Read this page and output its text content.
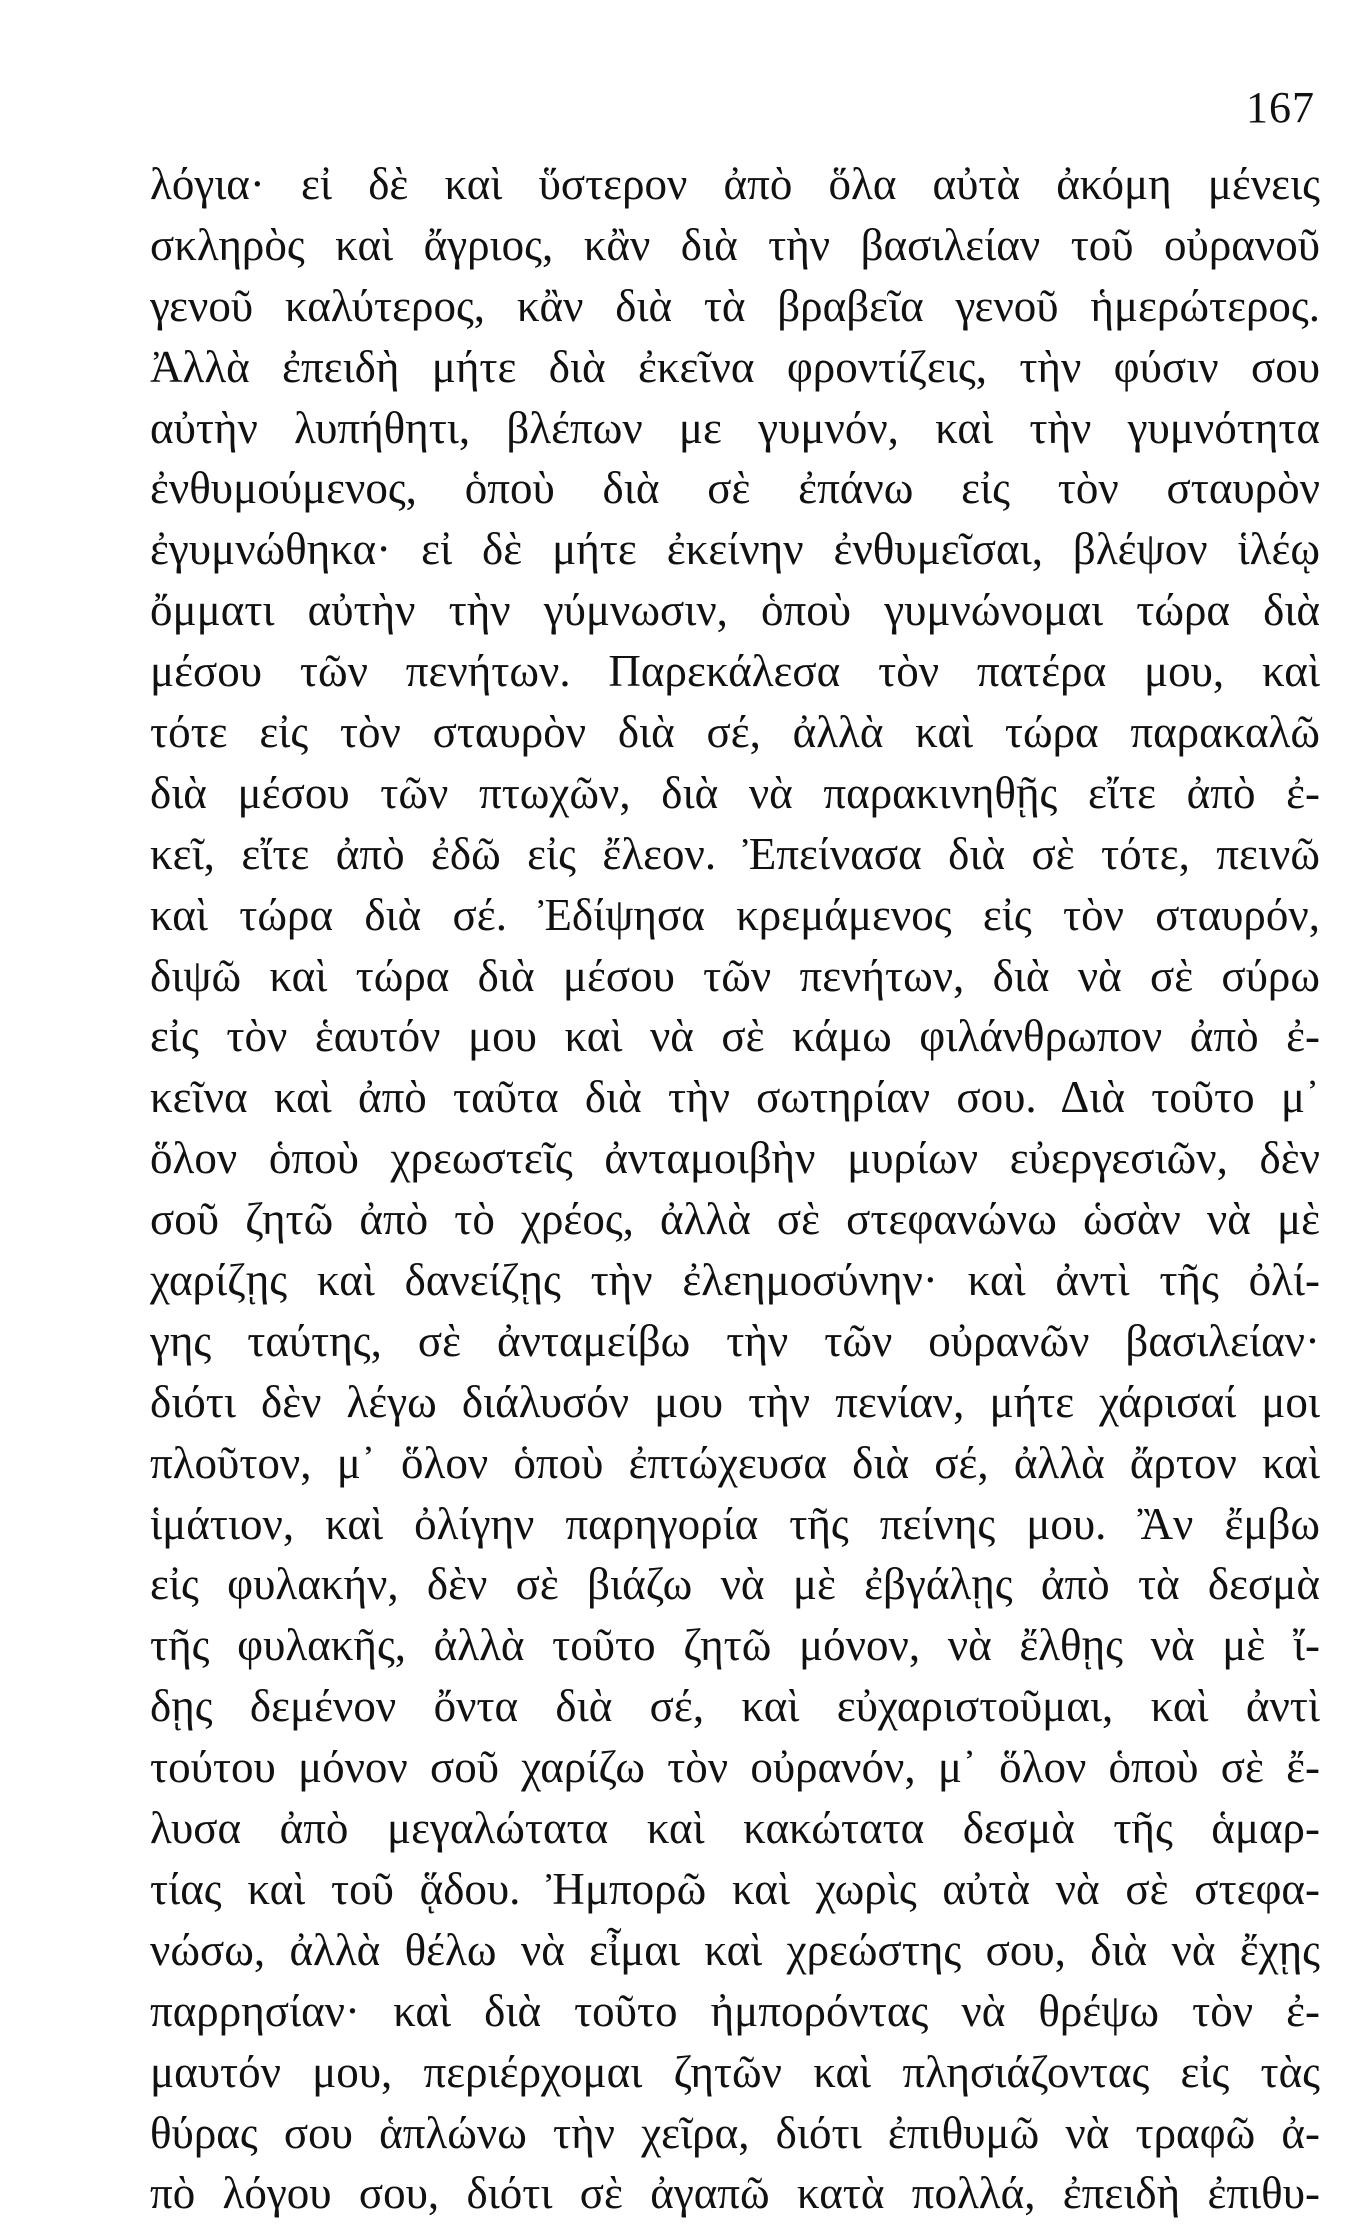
167
λόγια· εἰ δὲ καὶ ὕστερον ἀπὸ ὅλα αὐτὰ ἀκόμη μένεις
σκληρὸς καὶ ἄγριος, κἂν διὰ τὴν βασιλείαν τοῦ οὐρανοῦ
γενοῦ καλύτερος, κἂν διὰ τὰ βραβεῖα γενοῦ ἡμερώτερος.
Ἀλλὰ ἐπειδὴ μήτε διὰ ἐκεῖνα φροντίζεις, τὴν φύσιν σου
αὐτὴν λυπήθητι, βλέπων με γυμνόν, καὶ τὴν γυμνότητα
ἐνθυμούμενος, ὁποὺ διὰ σὲ ἐπάνω εἰς τὸν σταυρὸν
ἐγυμνώθηκα· εἰ δὲ μήτε ἐκείνην ἐνθυμεῖσαι, βλέψον ἱλέῳ
ὄμματι αὐτὴν τὴν γύμνωσιν, ὁποὺ γυμνώνομαι τώρα διὰ
μέσου τῶν πενήτων. Παρεκάλεσα τὸν πατέρα μου, καὶ
τότε εἰς τὸν σταυρὸν διὰ σέ, ἀλλὰ καὶ τώρα παρακαλῶ
διὰ μέσου τῶν πτωχῶν, διὰ νὰ παρακινηθῇς εἴτε ἀπὸ ἐ-
κεῖ, εἴτε ἀπὸ ἐδῶ εἰς ἔλεον. Ἐπείνασα διὰ σὲ τότε, πεινῶ
καὶ τώρα διὰ σέ. Ἐδίψησα κρεμάμενος εἰς τὸν σταυρόν,
διψῶ καὶ τώρα διὰ μέσου τῶν πενήτων, διὰ νὰ σὲ σύρω
εἰς τὸν ἑαυτόν μου καὶ νὰ σὲ κάμω φιλάνθρωπον ἀπὸ ἐ-
κεῖνα καὶ ἀπὸ ταῦτα διὰ τὴν σωτηρίαν σου. Διὰ τοῦτο μ᾽
ὅλον ὁποὺ χρεωστεῖς ἀνταμοιβὴν μυρίων εὐεργεσιῶν, δὲν
σοῦ ζητῶ ἀπὸ τὸ χρέος, ἀλλὰ σὲ στεφανώνω ὡσὰν νὰ μὲ
χαρίζῃς καὶ δανείζῃς τὴν ἐλεημοσύνην· καὶ ἀντὶ τῆς ὀλί-
γης ταύτης, σὲ ἀνταμείβω τὴν τῶν οὐρανῶν βασιλείαν·
διότι δὲν λέγω διάλυσόν μου τὴν πενίαν, μήτε χάρισαί μοι
πλοῦτον, μ᾽ ὅλον ὁποὺ ἐπτώχευσα διὰ σέ, ἀλλὰ ἄρτον καὶ
ἱμάτιον, καὶ ὀλίγην παρηγορία τῆς πείνης μου. Ἂν ἔμβω
εἰς φυλακήν, δὲν σὲ βιάζω νὰ μὲ ἐβγάλῃς ἀπὸ τὰ δεσμὰ
τῆς φυλακῆς, ἀλλὰ τοῦτο ζητῶ μόνον, νὰ ἔλθῃς νὰ μὲ ἴ-
δῃς δεμένον ὄντα διὰ σέ, καὶ εὐχαριστοῦμαι, καὶ ἀντὶ
τούτου μόνον σοῦ χαρίζω τὸν οὐρανόν, μ᾽ ὅλον ὁποὺ σὲ ἔ-
λυσα ἀπὸ μεγαλώτατα καὶ κακώτατα δεσμὰ τῆς ἁμαρ-
τίας καὶ τοῦ ᾅδου. Ἠμπορῶ καὶ χωρὶς αὐτὰ νὰ σὲ στεφα-
νώσω, ἀλλὰ θέλω νὰ εἶμαι καὶ χρεώστης σου, διὰ νὰ ἔχῃς
παρρησίαν· καὶ διὰ τοῦτο ἠμπορόντας νὰ θρέψω τὸν ἐ-
μαυτόν μου, περιέρχομαι ζητῶν καὶ πλησιάζοντας εἰς τὰς
θύρας σου ἁπλώνω τὴν χεῖρα, διότι ἐπιθυμῶ νὰ τραφῶ ἀ-
πὸ λόγου σου, διότι σὲ ἀγαπῶ κατὰ πολλά, ἐπειδὴ ἐπιθυ-
